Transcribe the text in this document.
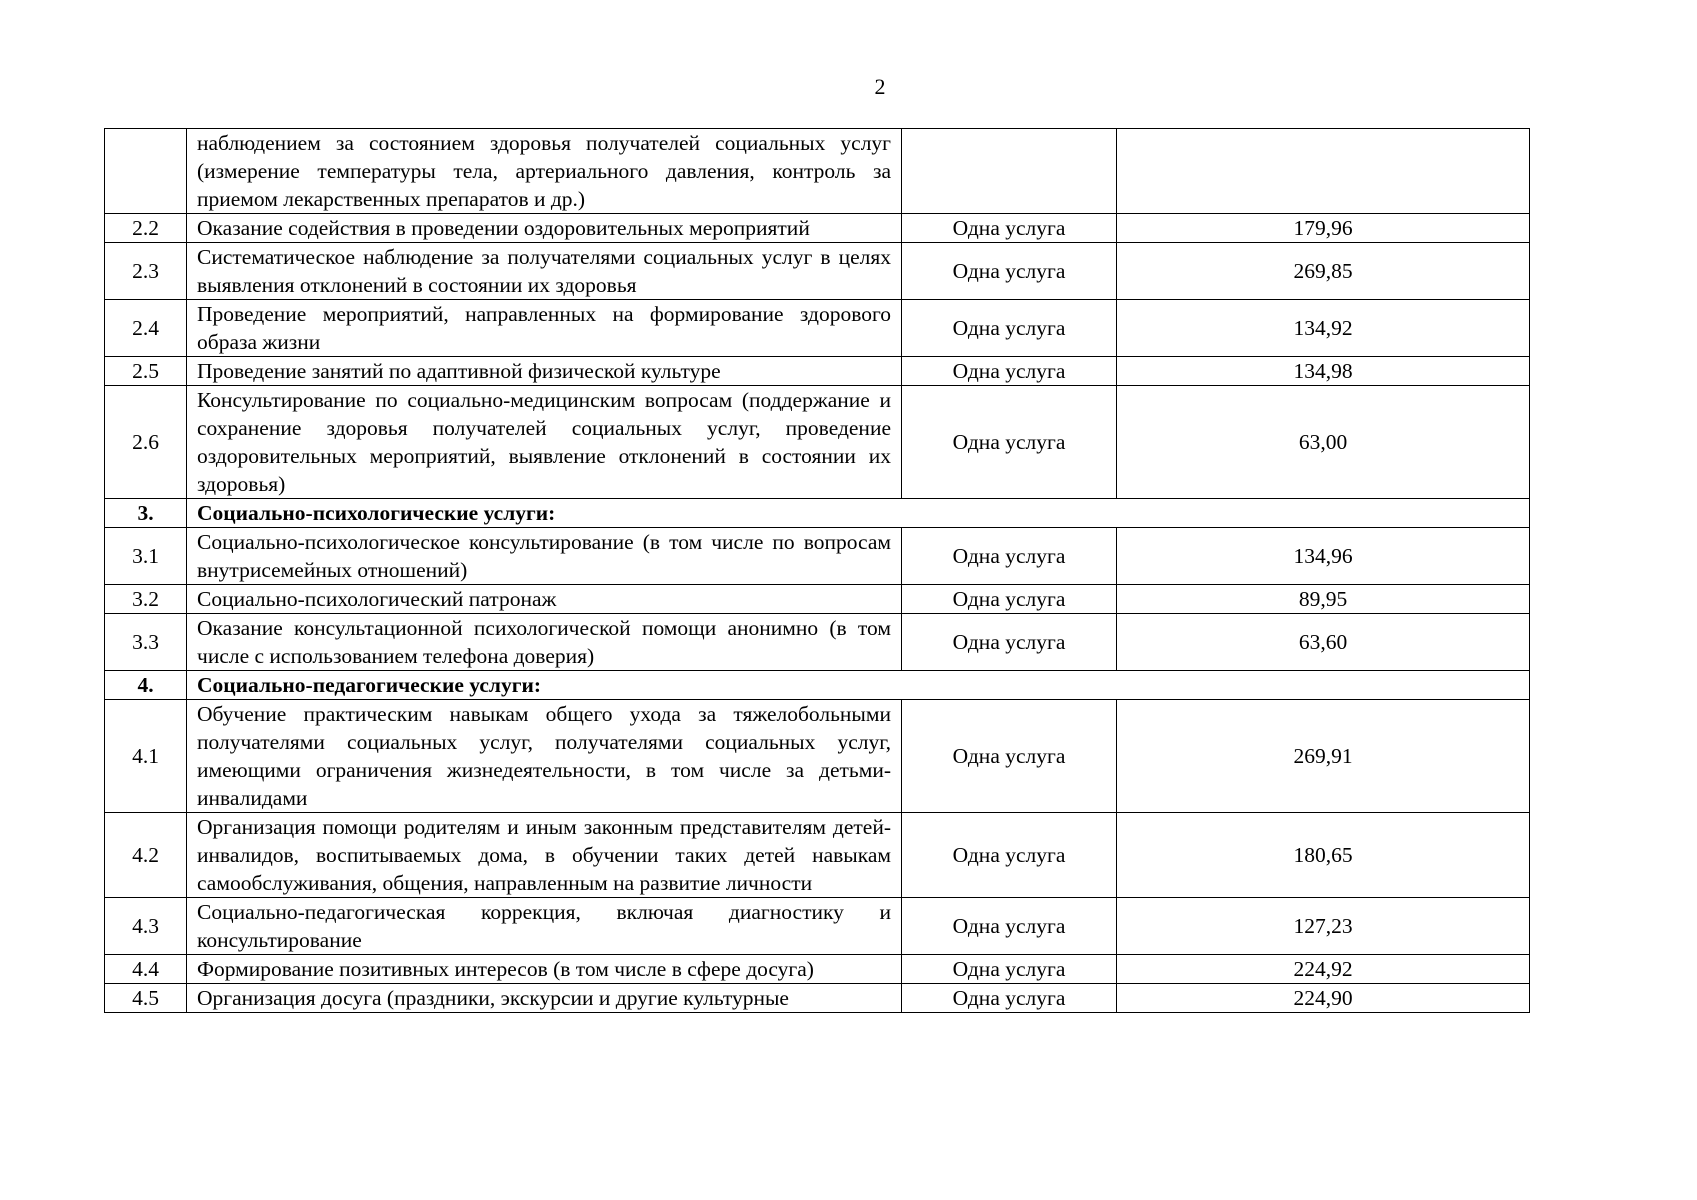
2
	наблюдением за состоянием здоровья получателей социальных услуг (измерение температуры тела, артериального давления, контроль за приемом лекарственных препаратов и др.)		
2.2	Оказание содействия в проведении оздоровительных мероприятий	Одна услуга	179,96
2.3	Систематическое наблюдение за получателями социальных услуг в целях выявления отклонений в состоянии их здоровья	Одна услуга	269,85
2.4	Проведение мероприятий, направленных на формирование здорового образа жизни	Одна услуга	134,92
2.5	Проведение занятий по адаптивной физической культуре	Одна услуга	134,98
2.6	Консультирование по социально-медицинским вопросам (поддержание и сохранение здоровья получателей социальных услуг, проведение оздоровительных мероприятий, выявление отклонений в состоянии их здоровья)	Одна услуга	63,00
3.	Социально-психологические услуги:		
3.1	Социально-психологическое консультирование (в том числе по вопросам внутрисемейных отношений)	Одна услуга	134,96
3.2	Социально-психологический патронаж	Одна услуга	89,95
3.3	Оказание консультационной психологической помощи анонимно (в том числе с использованием телефона доверия)	Одна услуга	63,60
4.	Социально-педагогические услуги:		
4.1	Обучение практическим навыкам общего ухода за тяжелобольными получателями социальных услуг, получателями социальных услуг, имеющими ограничения жизнедеятельности, в том числе за детьми-инвалидами	Одна услуга	269,91
4.2	Организация помощи родителям и иным законным представителям детей-инвалидов, воспитываемых дома, в обучении таких детей навыкам самообслуживания, общения, направленным на развитие личности	Одна услуга	180,65
4.3	Социально-педагогическая коррекция, включая диагностику и консультирование	Одна услуга	127,23
4.4	Формирование позитивных интересов (в том числе в сфере досуга)	Одна услуга	224,92
4.5	Организация досуга (праздники, экскурсии и другие культурные	Одна услуга	224,90
